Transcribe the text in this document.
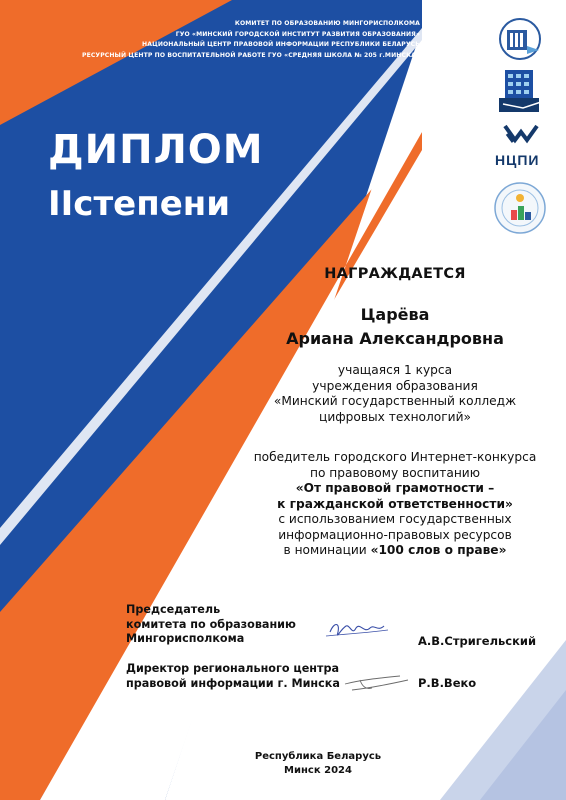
КОМИТЕТ ПО ОБРАЗОВАНИЮ МИНГОРИСПОЛКОМА
ГУО «МИНСКИЙ ГОРОДСКОЙ ИНСТИТУТ РАЗВИТИЯ ОБРАЗОВАНИЯ»
НАЦИОНАЛЬНЫЙ ЦЕНТР ПРАВОВОЙ ИНФОРМАЦИИ РЕСПУБЛИКИ БЕЛАРУСЬ
РЕСУРСНЫЙ ЦЕНТР ПО ВОСПИТАТЕЛЬНОЙ РАБОТЕ ГУО «СРЕДНЯЯ ШКОЛА № 205 г.МИНСКА»
ДИПЛОМ
IIстепени
НЦПИ
НАГРАЖДАЕТСЯ
Царёва
Ариана Александровна
учащаяся 1 курса
учреждения образования
«Минский государственный колледж
цифровых технологий»
победитель городского Интернет-конкурса
по правовому воспитанию
«От правовой грамотности –
к гражданской ответственности»
с использованием государственных
информационно-правовых ресурсов
в номинации «100 слов о праве»
Председатель
комитета по образованию
Мингорисполкома	А.В.Стригельский
Директор регионального центра
правовой информации г. Минска	Р.В.Веко
Республика Беларусь
Минск 2024
